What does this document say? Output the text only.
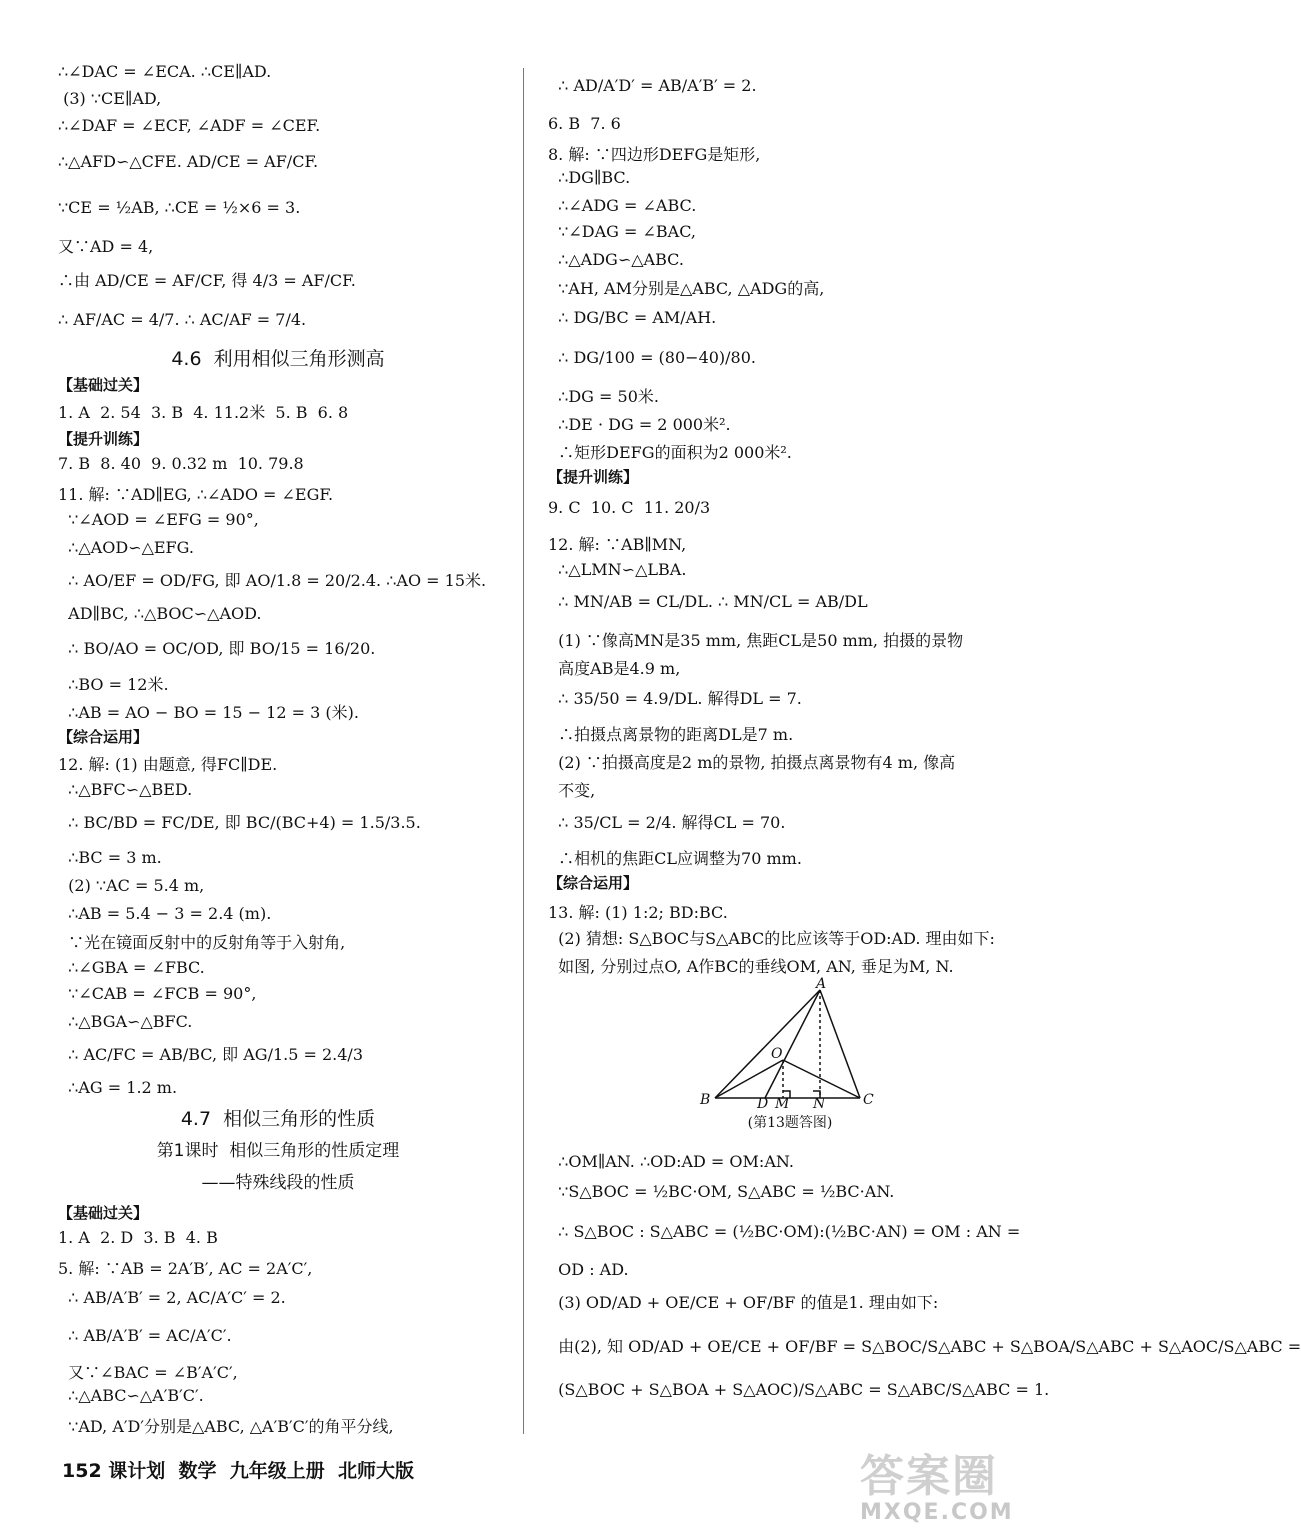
∴∠DAC = ∠ECA. ∴CE∥AD.
(3) ∵CE∥AD,
∴∠DAF = ∠ECF, ∠ADF = ∠CEF.
∴△AFD∽△CFE. AD/CE = AF/CF.
∵CE = ½AB, ∴CE = ½×6 = 3.
又∵AD = 4,
∴由 AD/CE = AF/CF, 得 4/3 = AF/CF.
∴ AF/AC = 4/7. ∴ AC/AF = 7/4.
4.6  利用相似三角形测高
【基础过关】
1. A  2. 54  3. B  4. 11.2米  5. B  6. 8
【提升训练】
7. B  8. 40  9. 0.32 m  10. 79.8
11. 解: ∵AD∥EG, ∴∠ADO = ∠EGF.
∵∠AOD = ∠EFG = 90°,
∴△AOD∽△EFG.
∴ AO/EF = OD/FG, 即 AO/1.8 = 20/2.4. ∴AO = 15米.
AD∥BC, ∴△BOC∽△AOD.
∴ BO/AO = OC/OD, 即 BO/15 = 16/20.
∴BO = 12米.
∴AB = AO − BO = 15 − 12 = 3 (米).
【综合运用】
12. 解: (1) 由题意, 得FC∥DE.
∴△BFC∽△BED.
∴ BC/BD = FC/DE, 即 BC/(BC+4) = 1.5/3.5.
∴BC = 3 m.
(2) ∵AC = 5.4 m,
∴AB = 5.4 − 3 = 2.4 (m).
∵光在镜面反射中的反射角等于入射角,
∴∠GBA = ∠FBC.
∵∠CAB = ∠FCB = 90°,
∴△BGA∽△BFC.
∴ AC/FC = AB/BC, 即 AG/1.5 = 2.4/3
∴AG = 1.2 m.
4.7  相似三角形的性质
第1课时  相似三角形的性质定理
——特殊线段的性质
【基础过关】
1. A  2. D  3. B  4. B
5. 解: ∵AB = 2A′B′, AC = 2A′C′,
∴ AB/A′B′ = 2, AC/A′C′ = 2.
∴ AB/A′B′ = AC/A′C′.
又∵∠BAC = ∠B′A′C′,
∴△ABC∽△A′B′C′.
∵AD, A′D′分别是△ABC, △A′B′C′的角平分线,
∴ AD/A′D′ = AB/A′B′ = 2.
6. B  7. 6
8. 解: ∵四边形DEFG是矩形,
∴DG∥BC.
∴∠ADG = ∠ABC.
∵∠DAG = ∠BAC,
∴△ADG∽△ABC.
∵AH, AM分别是△ABC, △ADG的高,
∴ DG/BC = AM/AH.
∴ DG/100 = (80−40)/80.
∴DG = 50米.
∴DE · DG = 2 000米².
∴矩形DEFG的面积为2 000米².
【提升训练】
9. C  10. C  11. 20/3
12. 解: ∵AB∥MN,
∴△LMN∽△LBA.
∴ MN/AB = CL/DL. ∴ MN/CL = AB/DL
(1) ∵像高MN是35 mm, 焦距CL是50 mm, 拍摄的景物
高度AB是4.9 m,
∴ 35/50 = 4.9/DL. 解得DL = 7.
∴拍摄点离景物的距离DL是7 m.
(2) ∵拍摄高度是2 m的景物, 拍摄点离景物有4 m, 像高
不变,
∴ 35/CL = 2/4. 解得CL = 70.
∴相机的焦距CL应调整为70 mm.
【综合运用】
13. 解: (1) 1:2; BD:BC.
(2) 猜想: S△BOC与S△ABC的比应该等于OD:AD. 理由如下:
如图, 分别过点O, A作BC的垂线OM, AN, 垂足为M, N.
∴OM∥AN. ∴OD:AD = OM:AN.
∵S△BOC = ½BC·OM, S△ABC = ½BC·AN.
∴ S△BOC : S△ABC = (½BC·OM):(½BC·AN) = OM : AN =
OD : AD.
(3) OD/AD + OE/CE + OF/BF 的值是1. 理由如下:
由(2), 知 OD/AD + OE/CE + OF/BF = S△BOC/S△ABC + S△BOA/S△ABC + S△AOC/S△ABC =
(S△BOC + S△BOA + S△AOC)/S△ABC = S△ABC/S△ABC = 1.
A
B	C
O
D M N
(第13题答图)
152 课计划  数学  九年级上册  北师大版	答案圈
MXQE.COM
